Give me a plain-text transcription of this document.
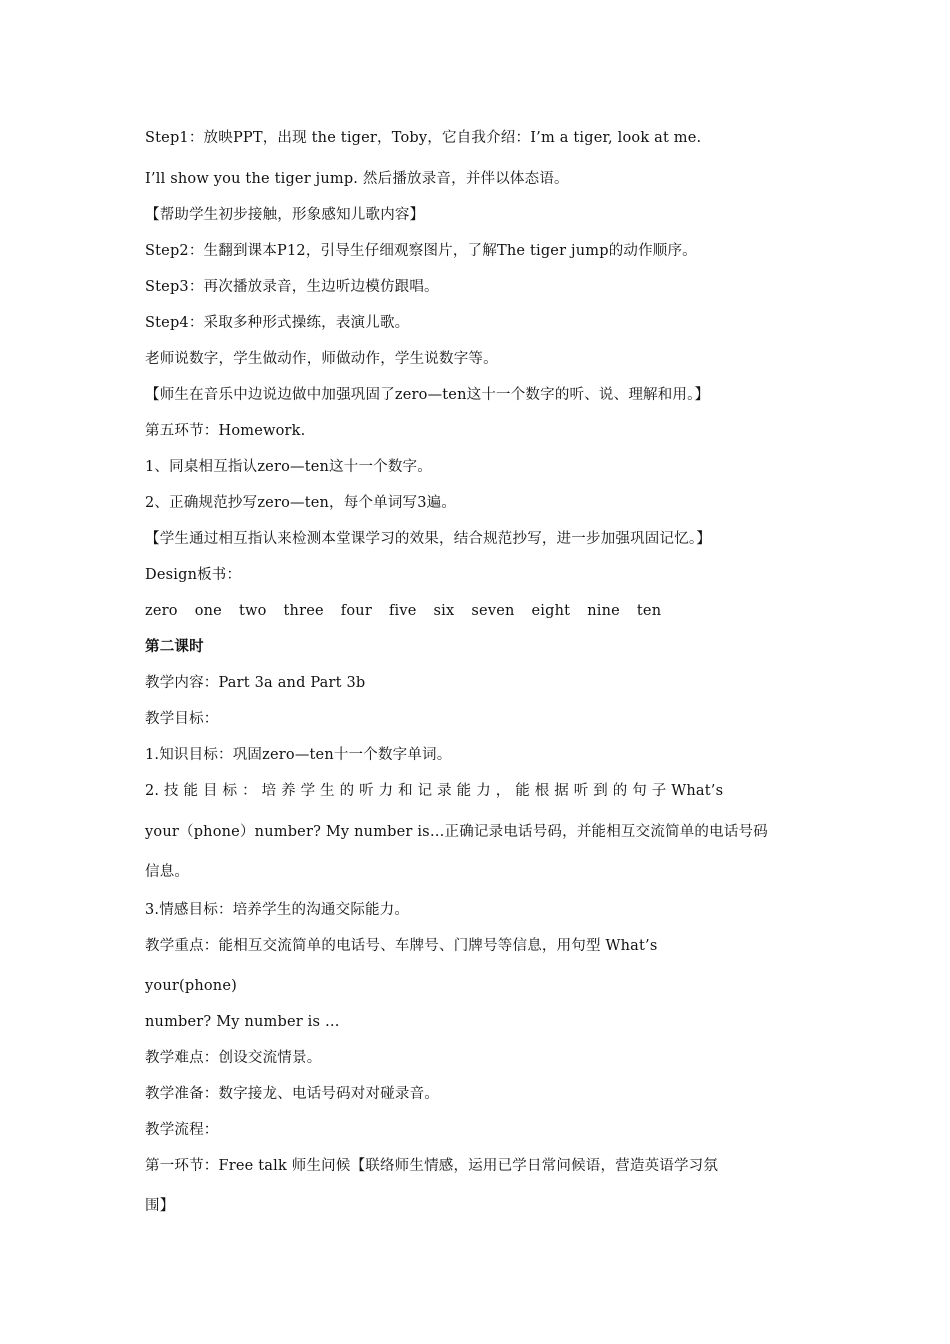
Step1：放映PPT，出现 the tiger，Toby，它自我介绍：I’m a tiger, look at me.
I’ll show you the tiger jump. 然后播放录音，并伴以体态语。
【帮助学生初步接触，形象感知儿歌内容】
Step2：生翻到课本P12，引导生仔细观察图片，了解The tiger jump的动作顺序。
Step3：再次播放录音，生边听边模仿跟唱。
Step4：采取多种形式操练，表演儿歌。
老师说数字，学生做动作，师做动作，学生说数字等。
【师生在音乐中边说边做中加强巩固了zero—ten这十一个数字的听、说、理解和用。】
第五环节：Homework.
1、同桌相互指认zero—ten这十一个数字。
2、正确规范抄写zero—ten，每个单词写3遍。
【学生通过相互指认来检测本堂课学习的效果，结合规范抄写，进一步加强巩固记忆。】
Design板书：
zero one two three four five six seven eight nine ten
第二课时
教学内容：Part 3a and Part 3b
教学目标：
1.知识目标：巩固zero—ten十一个数字单词。
2. 技 能 目 标 ： 培 养 学 生 的 听 力 和 记 录 能 力 ， 能 根 据 听 到 的 句 子 What’s
your（phone）number? My number is…正确记录电话号码，并能相互交流简单的电话号码
信息。
3.情感目标：培养学生的沟通交际能力。
教学重点：能相互交流简单的电话号、车牌号、门牌号等信息，用句型 What’s
your(phone)
number? My number is …
教学难点：创设交流情景。
教学准备：数字接龙、电话号码对对碰录音。
教学流程：
第一环节：Free talk 师生问候【联络师生情感，运用已学日常问候语，营造英语学习氛
围】
